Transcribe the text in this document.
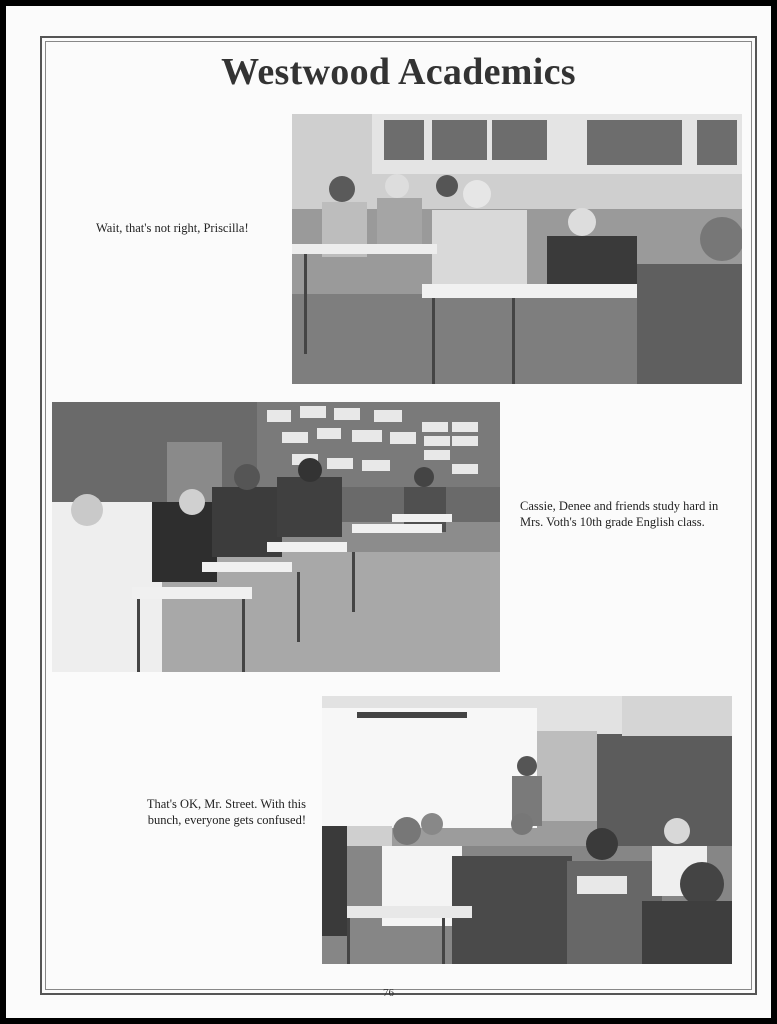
Westwood Academics
Wait, that's not right, Priscilla!
Cassie, Denee and friends study hard in
Mrs. Voth's 10th grade English class.
That's OK, Mr. Street. With this
bunch, everyone gets confused!
76
